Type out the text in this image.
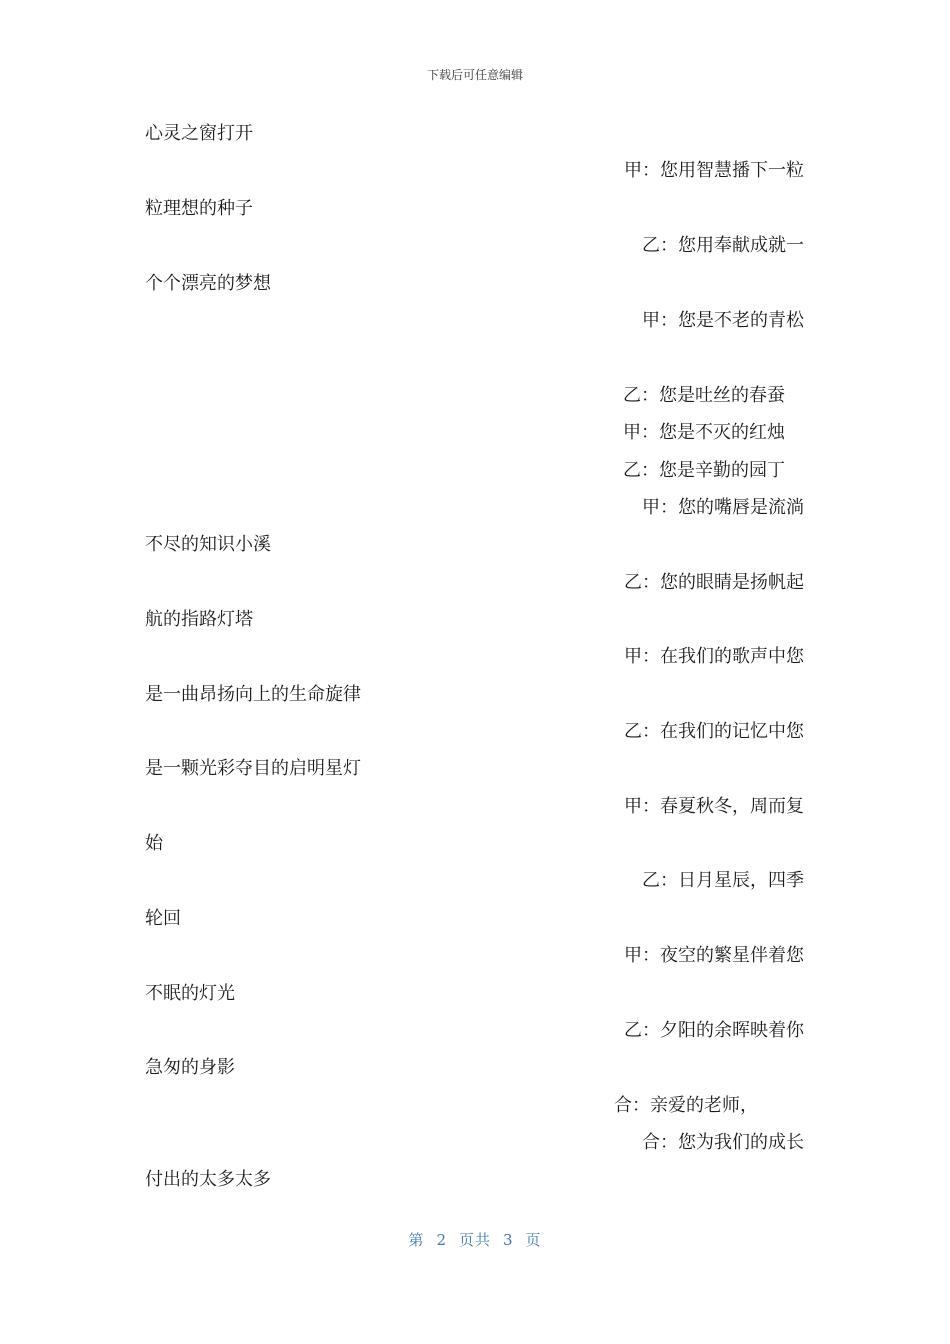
下载后可任意编辑
心灵之窗打开
甲：您用智慧播下一粒
粒理想的种子
乙：您用奉献成就一
个个漂亮的梦想
甲：您是不老的青松
乙：您是吐丝的春蚕
甲：您是不灭的红烛
乙：您是辛勤的园丁
甲：您的嘴唇是流淌
不尽的知识小溪
乙：您的眼睛是扬帆起
航的指路灯塔
甲：在我们的歌声中您
是一曲昂扬向上的生命旋律
乙：在我们的记忆中您
是一颗光彩夺目的启明星灯
甲：春夏秋冬，周而复
始
乙：日月星辰，四季
轮回
甲：夜空的繁星伴着您
不眠的灯光
乙：夕阳的余晖映着你
急匆的身影
合：亲爱的老师，
合：您为我们的成长
付出的太多太多
第 2 页共 3 页
